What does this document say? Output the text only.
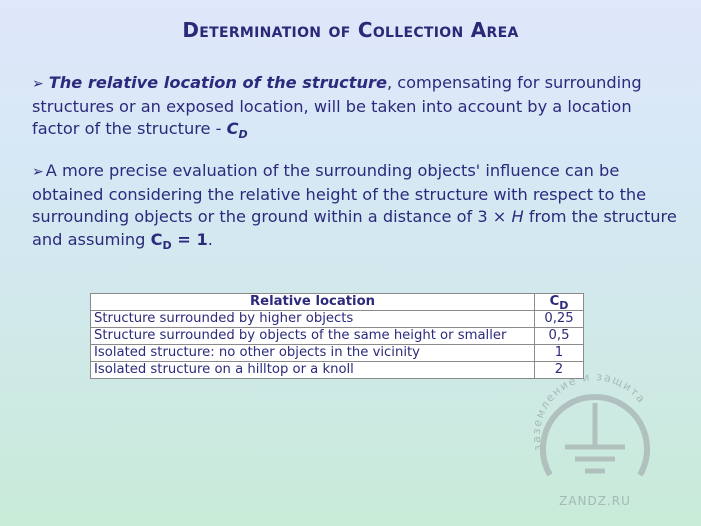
Determination of Collection Area
➢ The relative location of the structure, compensating for surrounding structures or an exposed location, will be taken into account by a location factor of the structure - $C_D$
➢ A more precise evaluation of the surrounding objects' influence can be obtained considering the relative height of the structure with respect to the surrounding objects or the ground within a distance of 3 × H from the structure and assuming $C_D = 1$.
Relative location	$C_D$
Structure surrounded by higher objects	0,25
Structure surrounded by objects of the same height or smaller	0,5
Isolated structure: no other objects in the vicinity	1
Isolated structure on a hilltop or a knoll	2
заземление и защита
ZANDZ.RU
